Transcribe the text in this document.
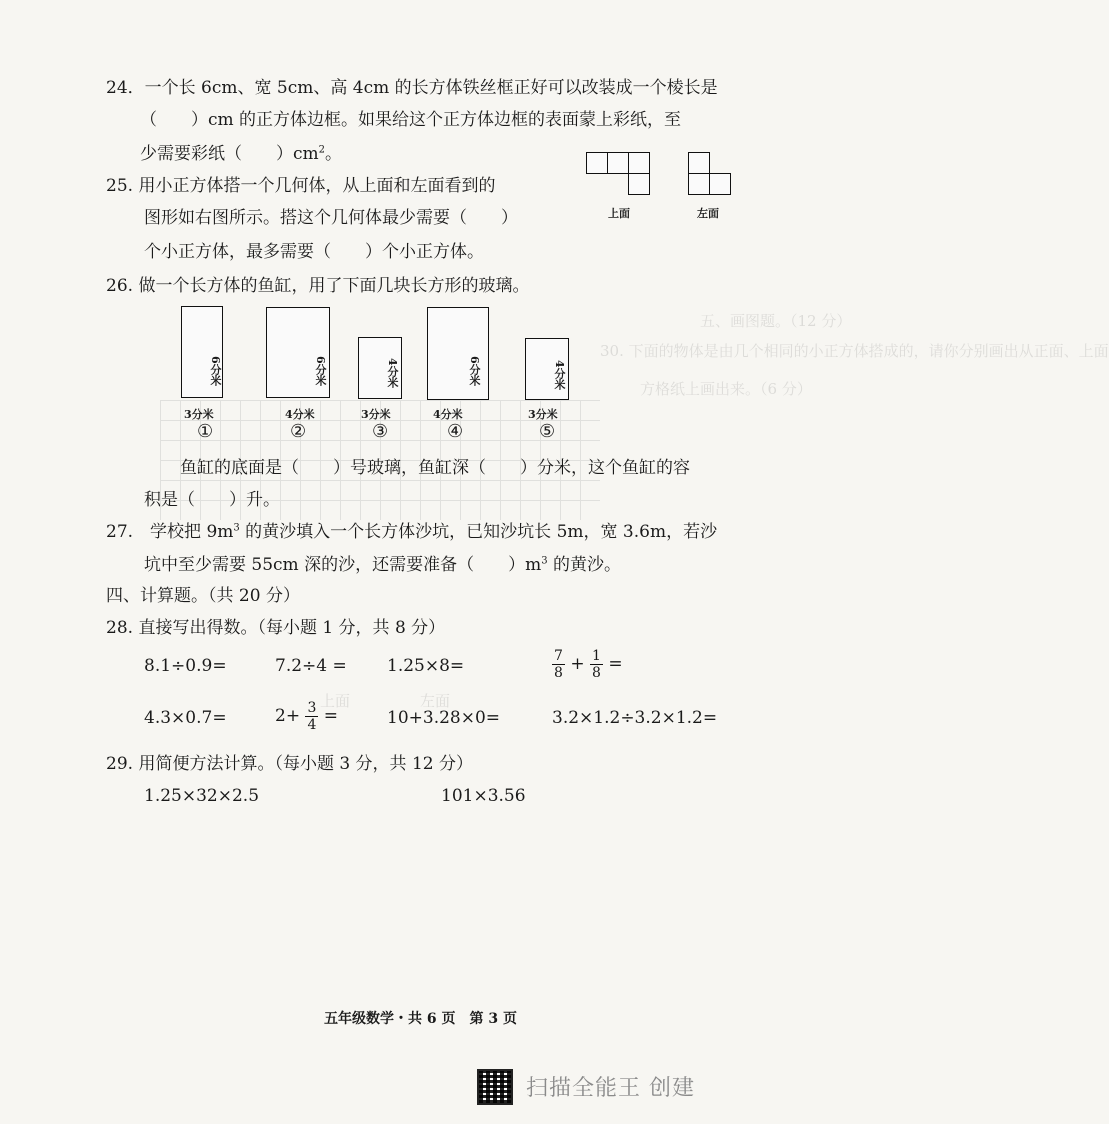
五、画图题。（12 分）
30. 下面的物体是由几个相同的小正方体搭成的，请你分别画出从正面、上面
方格纸上画出来。（6 分）
上面	左面
24．一个长 6cm、宽 5cm、高 4cm 的长方体铁丝框正好可以改装成一个棱长是
（　　）cm 的正方体边框。如果给这个正方体边框的表面蒙上彩纸，至
少需要彩纸（　　）$cm^2$。
25. 用小正方体搭一个几何体，从上面和左面看到的
图形如右图所示。搭这个几何体最少需要（　　）
个小正方体，最多需要（　　）个小正方体。
上面	左面
26. 做一个长方体的鱼缸，用了下面几块长方形的玻璃。
6分米
3分米
①
6分米
4分米
②
4分米
3分米
③
6分米
4分米
④
4分米
3分米
⑤
鱼缸的底面是（　　）号玻璃，鱼缸深（　　）分米，这个鱼缸的容
积是（　　）升。
27.　学校把 $9m^3$ 的黄沙填入一个长方体沙坑，已知沙坑长 5m，宽 3.6m，若沙
坑中至少需要 55cm 深的沙，还需要准备（　　）$m^3$ 的黄沙。
四、计算题。（共 20 分）
28. 直接写出得数。（每小题 1 分，共 8 分）
8.1÷0.9=	7.2÷4 = 1.25×8=	$\frac{7}{8} + \frac{1}{8}$ =
4.3×0.7=	$2+ \frac{3}{4}$ =	10+3.28×0=	3.2×1.2÷3.2×1.2=
29. 用简便方法计算。（每小题 3 分，共 12 分）
1.25×32×2.5	101×3.56
五年级数学・共 6 页　第 3 页
扫描全能王 创建
